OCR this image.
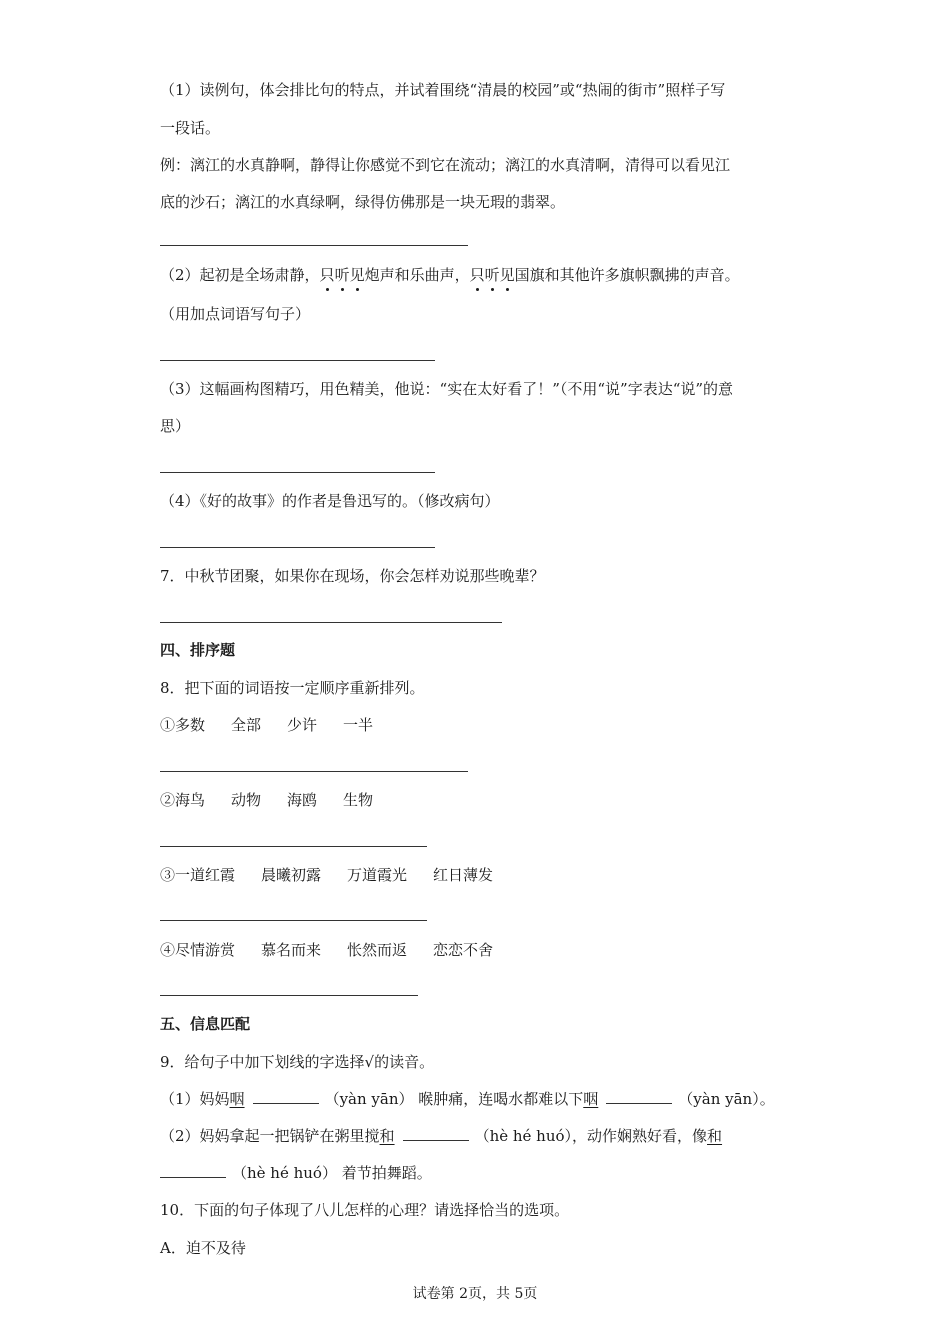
（1）读例句，体会排比句的特点，并试着围绕“清晨的校园”或“热闹的街市”照样子写
一段话。
例：漓江的水真静啊，静得让你感觉不到它在流动；漓江的水真清啊，清得可以看见江
底的沙石；漓江的水真绿啊，绿得仿佛那是一块无瑕的翡翠。
（2）起初是全场肃静，只听见炮声和乐曲声，只听见国旗和其他许多旗帜飘拂的声音。
（用加点词语写句子）
（3）这幅画构图精巧，用色精美，他说：“实在太好看了！”（不用“说”字表达“说”的意
思）
（4）《好的故事》的作者是鲁迅写的。（修改病句）
7．中秋节团聚，如果你在现场，你会怎样劝说那些晚辈？
四、排序题
8．把下面的词语按一定顺序重新排列。
①多数 全部 少许 一半
②海鸟 动物 海鸥 生物
③一道红霞 晨曦初露 万道霞光 红日薄发
④尽情游赏 慕名而来 怅然而返 恋恋不舍
五、信息匹配
9．给句子中加下划线的字选择√的读音。
（1）妈妈咽	（yàn yān） 喉肿痛，连喝水都难以下咽	（yàn yān）。
（2）妈妈拿起一把锅铲在粥里搅和	（hè hé huó），动作娴熟好看，像和
（hè hé huó） 着节拍舞蹈。
10．下面的句子体现了八儿怎样的心理？请选择恰当的选项。
A．迫不及待
试卷第 2页，共 5页
